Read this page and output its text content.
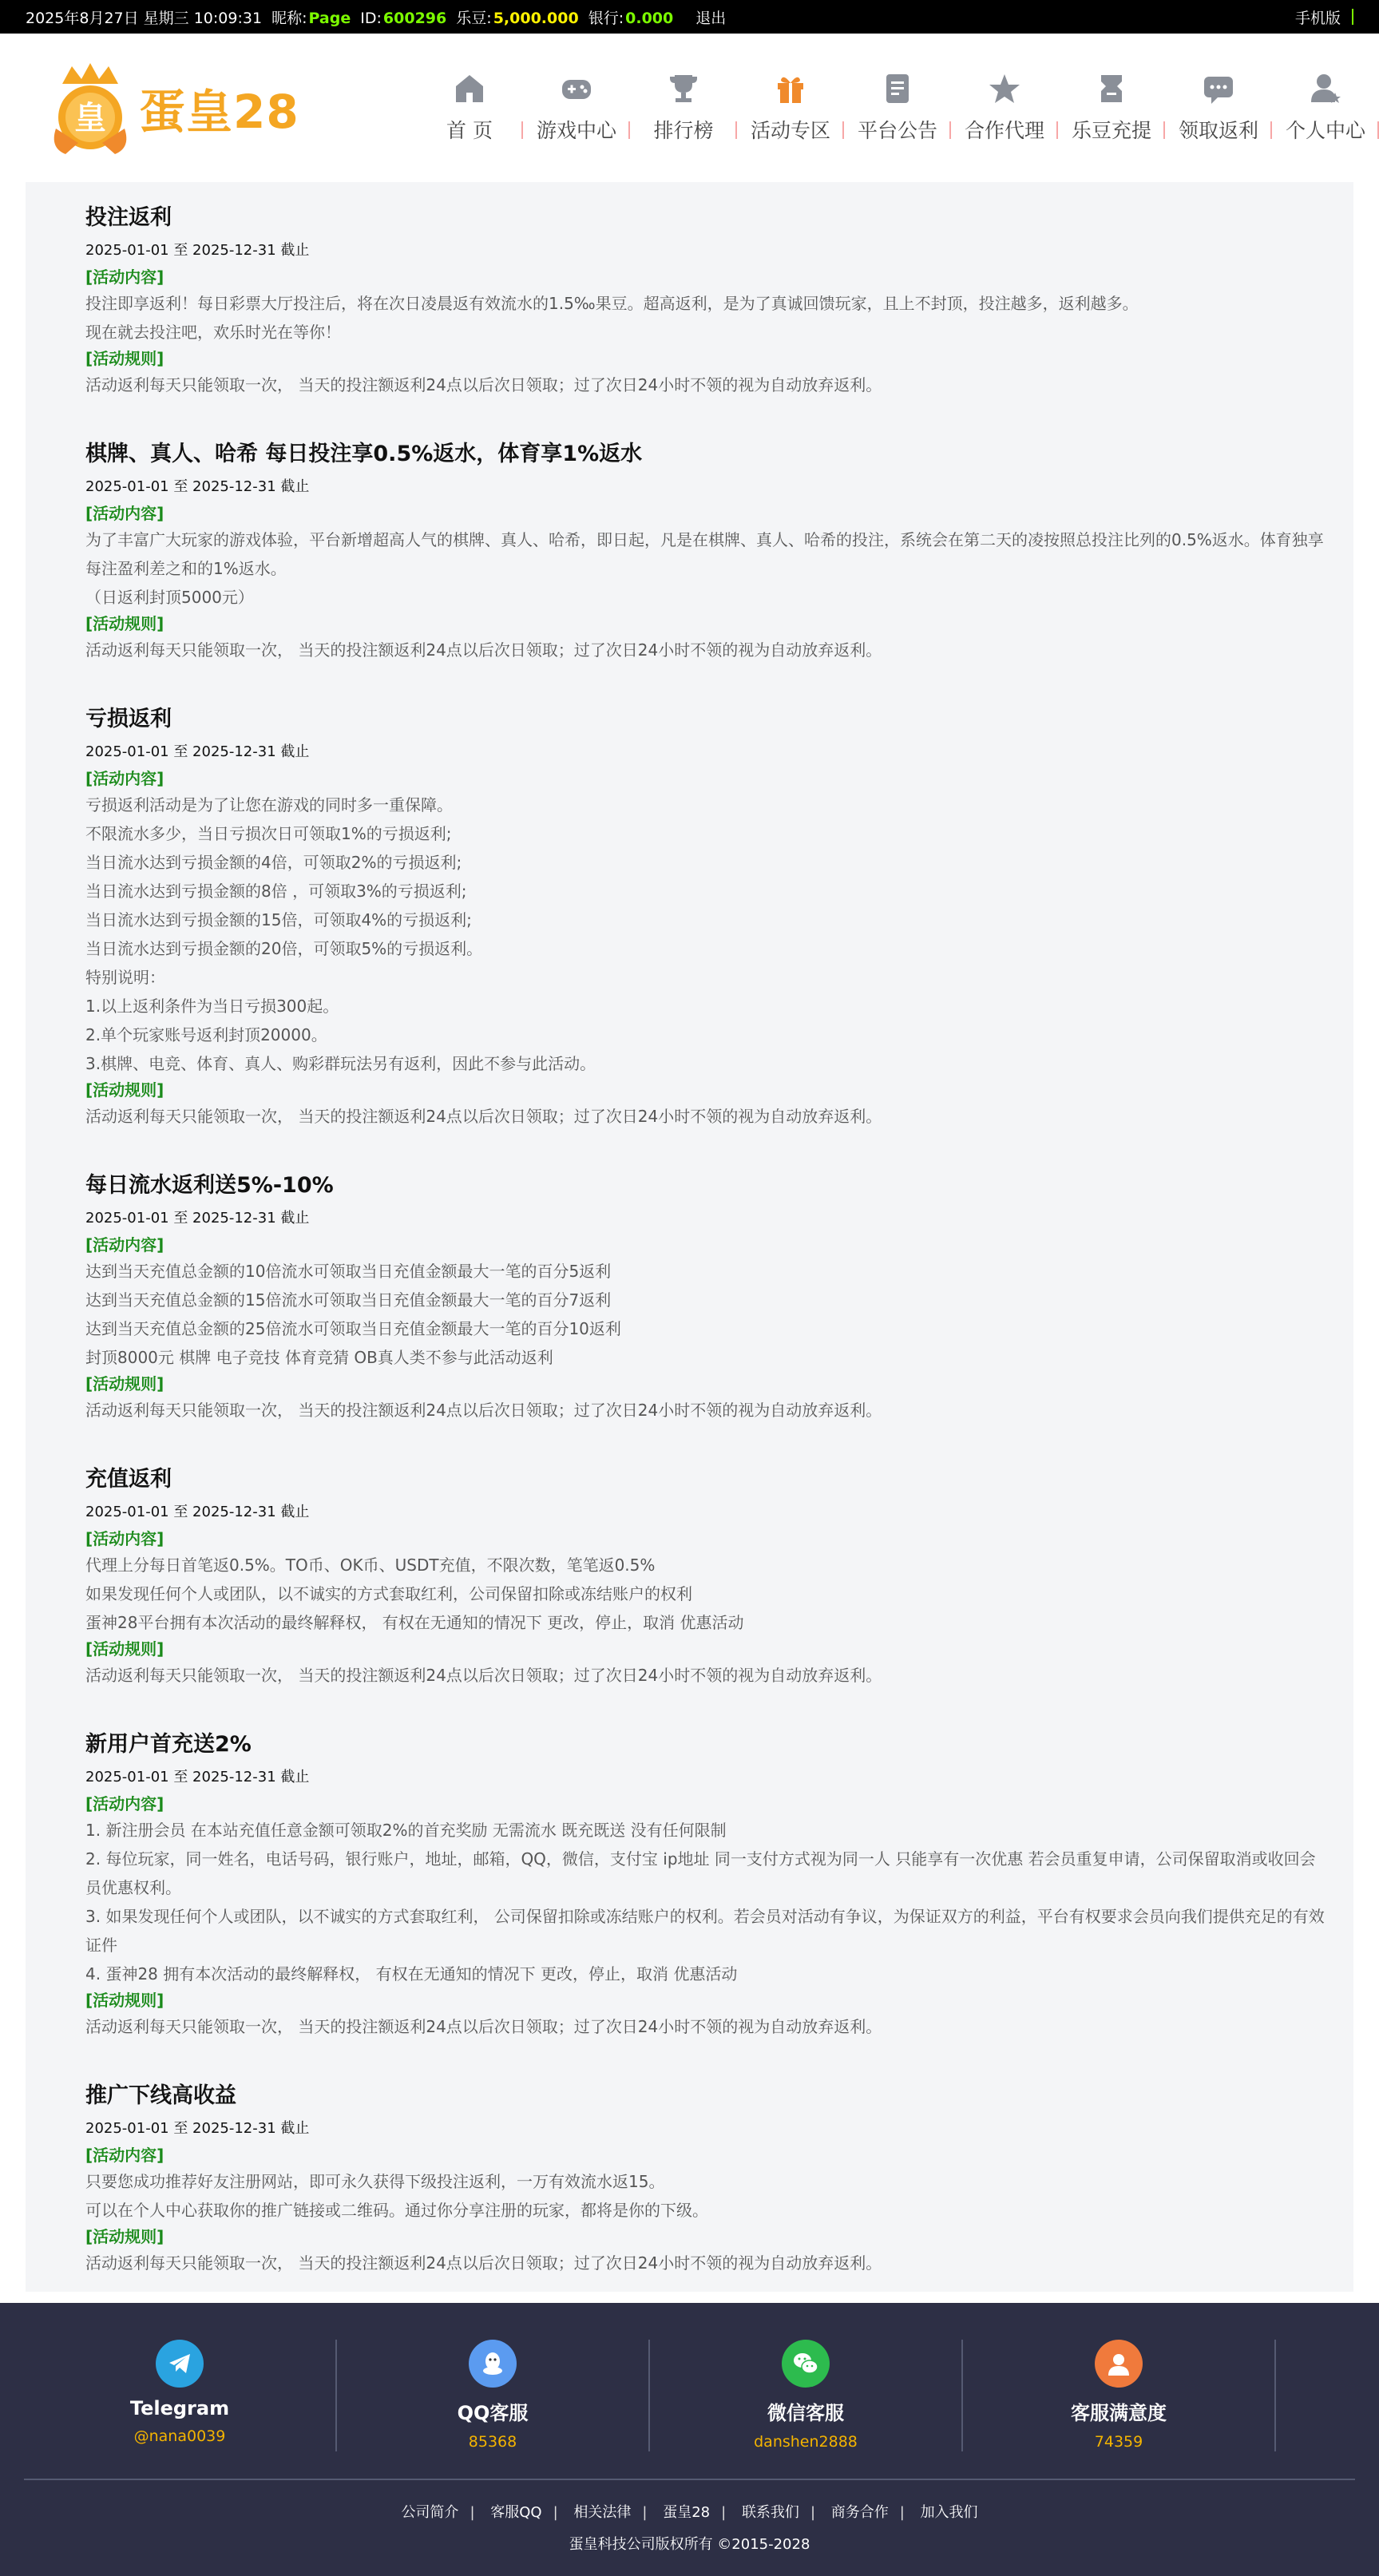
2025年8月27日 星期三 10:09:31 昵称: Page ID: 600296 乐豆: 5,000.000 银行: 0.000 退出	手机版
皇 蛋皇28	首 页 游戏中心 排行榜 活动专区 平台公告 合作代理 乐豆充提 领取返利 个人中心
投注返利
2025-01-01 至 2025-12-31 截止
[活动内容]
投注即享返利！每日彩票大厅投注后，将在次日凌晨返有效流水的1.5‰果豆。超高返利，是为了真诚回馈玩家，且上不封顶，投注越多，返利越多。
现在就去投注吧，欢乐时光在等你！
[活动规则]
活动返利每天只能领取一次， 当天的投注额返利24点以后次日领取；过了次日24小时不领的视为自动放弃返利。
棋牌、真人、哈希 每日投注享0.5%返水，体育享1%返水
2025-01-01 至 2025-12-31 截止
[活动内容]
为了丰富广大玩家的游戏体验，平台新增超高人气的棋牌、真人、哈希，即日起，凡是在棋牌、真人、哈希的投注，系统会在第二天的凌按照总投注比列的0.5%返水。体育独享每注盈利差之和的1%返水。
（日返利封顶5000元）
[活动规则]
活动返利每天只能领取一次， 当天的投注额返利24点以后次日领取；过了次日24小时不领的视为自动放弃返利。
亏损返利
2025-01-01 至 2025-12-31 截止
[活动内容]
亏损返利活动是为了让您在游戏的同时多一重保障。
不限流水多少，当日亏损次日可领取1%的亏损返利;
当日流水达到亏损金额的4倍，可领取2%的亏损返利;
当日流水达到亏损金额的8倍 ，可领取3%的亏损返利;
当日流水达到亏损金额的15倍，可领取4%的亏损返利;
当日流水达到亏损金额的20倍，可领取5%的亏损返利。
特别说明：
1.以上返利条件为当日亏损300起。
2.单个玩家账号返利封顶20000。
3.棋牌、电竞、体育、真人、购彩群玩法另有返利，因此不参与此活动。
[活动规则]
活动返利每天只能领取一次， 当天的投注额返利24点以后次日领取；过了次日24小时不领的视为自动放弃返利。
每日流水返利送5%-10%
2025-01-01 至 2025-12-31 截止
[活动内容]
达到当天充值总金额的10倍流水可领取当日充值金额最大一笔的百分5返利
达到当天充值总金额的15倍流水可领取当日充值金额最大一笔的百分7返利
达到当天充值总金额的25倍流水可领取当日充值金额最大一笔的百分10返利
封顶8000元 棋牌 电子竞技 体育竞猜 OB真人类不参与此活动返利
[活动规则]
活动返利每天只能领取一次， 当天的投注额返利24点以后次日领取；过了次日24小时不领的视为自动放弃返利。
充值返利
2025-01-01 至 2025-12-31 截止
[活动内容]
代理上分每日首笔返0.5%。TO币、OK币、USDT充值，不限次数，笔笔返0.5%
如果发现任何个人或团队，以不诚实的方式套取红利，公司保留扣除或冻结账户的权利
蛋神28平台拥有本次活动的最终解释权， 有权在无通知的情况下 更改，停止，取消 优惠活动
[活动规则]
活动返利每天只能领取一次， 当天的投注额返利24点以后次日领取；过了次日24小时不领的视为自动放弃返利。
新用户首充送2%
2025-01-01 至 2025-12-31 截止
[活动内容]
1. 新注册会员 在本站充值任意金额可领取2%的首充奖励 无需流水 既充既送 没有任何限制
2. 每位玩家，同一姓名，电话号码，银行账户，地址，邮箱，QQ，微信，支付宝 ip地址 同一支付方式视为同一人 只能享有一次优惠 若会员重复申请，公司保留取消或收回会员优惠权利。
3. 如果发现任何个人或团队，以不诚实的方式套取红利， 公司保留扣除或冻结账户的权利。若会员对活动有争议，为保证双方的利益，平台有权要求会员向我们提供充足的有效证件
4. 蛋神28 拥有本次活动的最终解释权， 有权在无通知的情况下 更改，停止，取消 优惠活动
[活动规则]
活动返利每天只能领取一次， 当天的投注额返利24点以后次日领取；过了次日24小时不领的视为自动放弃返利。
推广下线高收益
2025-01-01 至 2025-12-31 截止
[活动内容]
只要您成功推荐好友注册网站，即可永久获得下级投注返利，一万有效流水返15。
可以在个人中心获取你的推广链接或二维码。通过你分享注册的玩家，都将是你的下级。
[活动规则]
活动返利每天只能领取一次， 当天的投注额返利24点以后次日领取；过了次日24小时不领的视为自动放弃返利。
Telegram
@nana0039
QQ客服
85368
微信客服
danshen2888
客服满意度
74359
公司简介 | 客服QQ | 相关法律 | 蛋皇28 | 联系我们 | 商务合作 | 加入我们
蛋皇科技公司版权所有 ©2015-2028
